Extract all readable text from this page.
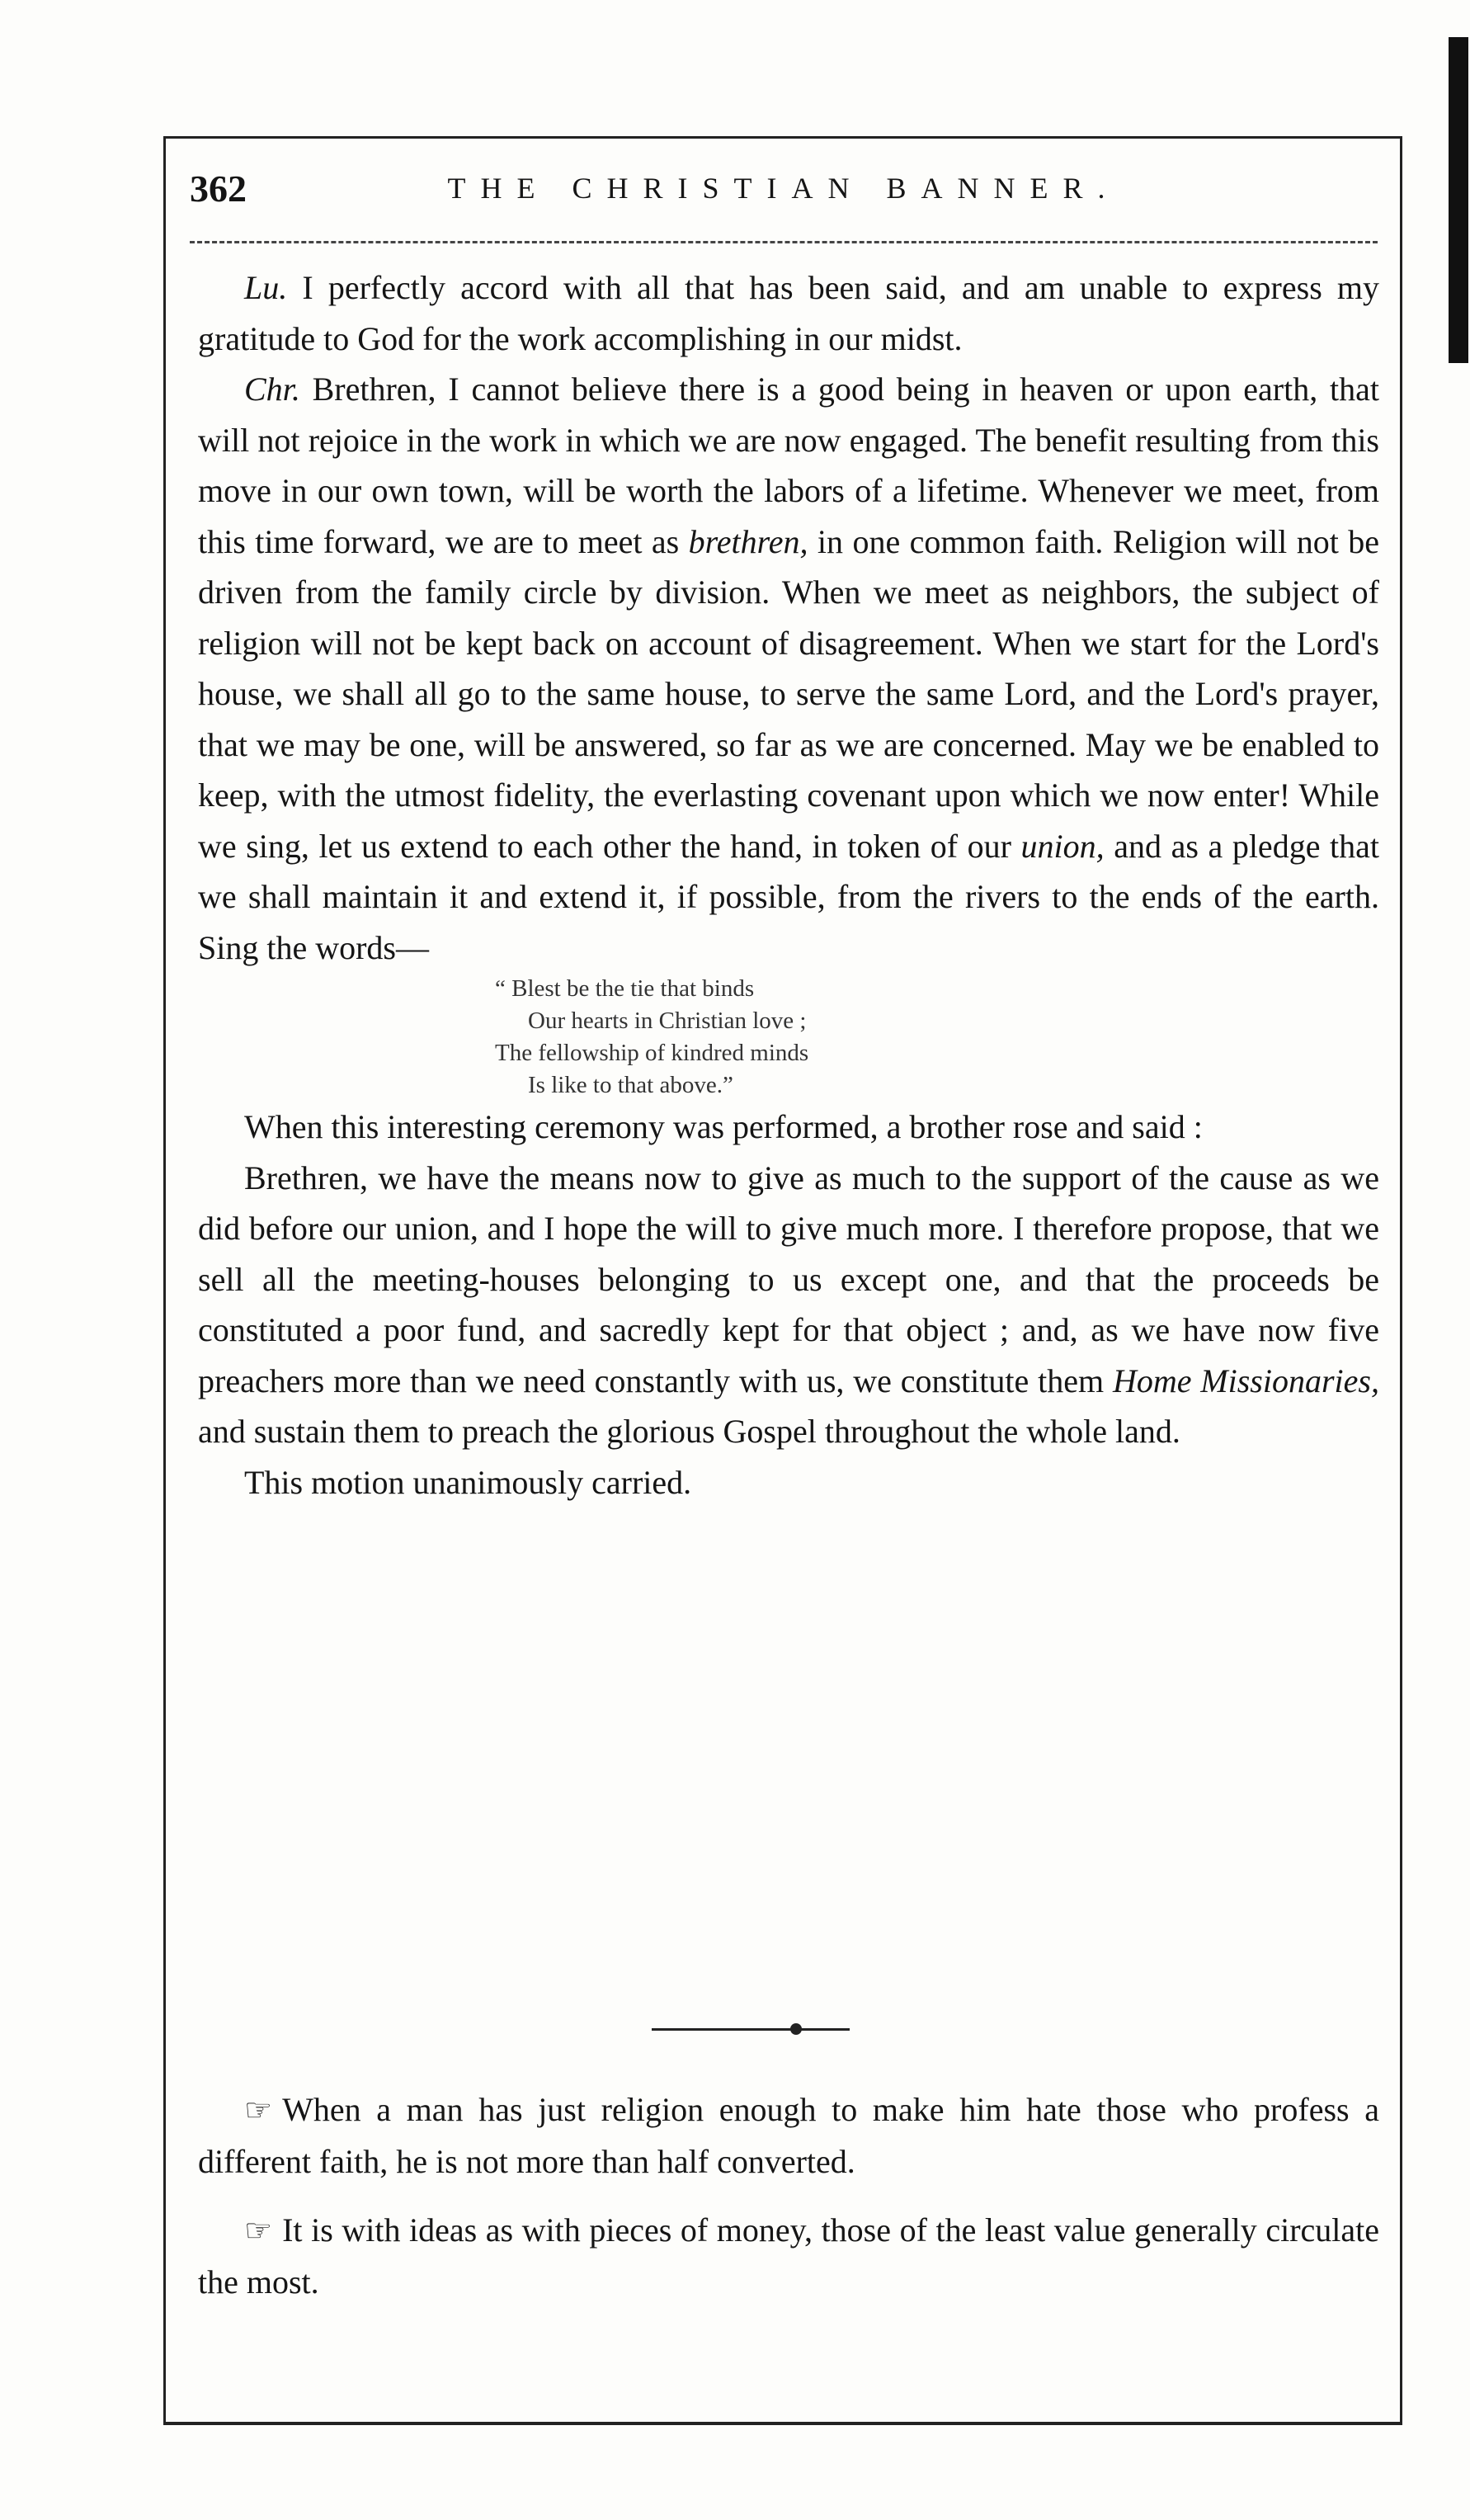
362	THE CHRISTIAN BANNER.

Lu. I perfectly accord with all that has been said, and am unable to express my gratitude to God for the work accomplishing in our midst.

Chr. Brethren, I cannot believe there is a good being in heaven or upon earth, that will not rejoice in the work in which we are now engaged. The benefit resulting from this move in our own town, will be worth the labors of a lifetime. Whenever we meet, from this time forward, we are to meet as brethren, in one common faith. Religion will not be driven from the family circle by division. When we meet as neighbors, the subject of religion will not be kept back on account of disagreement. When we start for the Lord's house, we shall all go to the same house, to serve the same Lord, and the Lord's prayer, that we may be one, will be answered, so far as we are concerned. May we be enabled to keep, with the utmost fidelity, the everlasting covenant upon which we now enter! While we sing, let us extend to each other the hand, in token of our union, and as a pledge that we shall maintain it and extend it, if possible, from the rivers to the ends of the earth. Sing the words—

“ Blest be the tie that binds
Our hearts in Christian love ;
The fellowship of kindred minds
Is like to that above.”

When this interesting ceremony was performed, a brother rose and said :

Brethren, we have the means now to give as much to the support of the cause as we did before our union, and I hope the will to give much more. I therefore propose, that we sell all the meeting-houses belonging to us except one, and that the proceeds be constituted a poor fund, and sacredly kept for that object ; and, as we have now five preachers more than we need constantly with us, we constitute them Home Missionaries, and sustain them to preach the glorious Gospel throughout the whole land.

This motion unanimously carried.

☞ When a man has just religion enough to make him hate those who profess a different faith, he is not more than half converted.

☞ It is with ideas as with pieces of money, those of the least value generally circulate the most.
